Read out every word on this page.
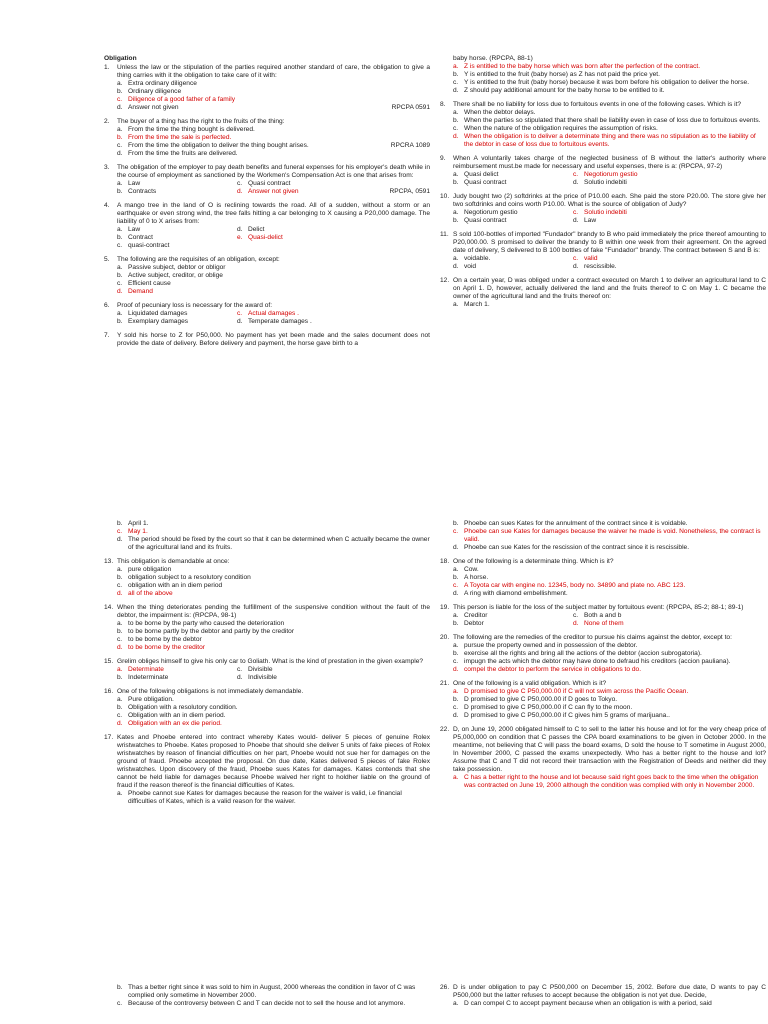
Obligation
1.	Unless the law or the stipulation of the parties required another standard of care, the obligation to give a thing carries with it the obligation to take care of it with:
a. Extra ordinary diligence
b. Ordinary diligence
c. Diligence of a good father of a family
d. Answer not given	RPCPA 0591
2.	The buyer of a thing has the right to the fruits of the thing:
a. From the time the thing bought is delivered.
b. From the time the sale is perfected.
c. From the time the obligation to deliver the thing bought arises.	RPCRA 1089
d. From the time the fruits are delivered.
3.	The obligation of the employer to pay death benefits and funeral expenses for his employer's death while in the course of employment as sanctioned by the Workmen's Compensation Act is one that arises from:
a. Law	c. Quasi contract
b. Contracts	d. Answer not given	RPCPA, 0591
4.	A mango tree in the land of O is reclining towards the road. All of a sudden, without a storm or an earthquake or even strong wind, the tree falls hitting a car belonging to X causing a P20,000 damage. The liability of 0 to X arises from:
a. Law	d. Delict
b. Contract	e. Quasi-delict
c. quasi-contract
5.	The following are the requisites of an obligation, except:
a. Passive subject, debtor or obligor
b. Active subject, creditor, or oblige
c. Efficient cause
d. Demand
6.	Proof of pecuniary loss is necessary for the award of:
a. Liquidated damages	c. Actual damages .
b. Exemplary damages	d. Temperate damages .
7.	Y sold his horse to Z for P50,000. No payment has yet been made and the sales document does not provide the date of delivery. Before delivery and payment, the horse gave birth to a
baby horse. (RPCPA, 88-1)
a. Z is entitled to the baby horse which was born after the perfection of the contract.
b. Y is entitled to the fruit (baby horse) as Z has not paid the price yet.
c. Y is entitled to the fruit (baby horse) because it was born before his obligation to deliver the horse.
d. Z should pay additional amount for the baby horse to be entitled to it.
8.	There shall be no liability for loss due to fortuitous events in one of the following cases. Which is it?
a. When the debtor delays.
b. When the parties so stipulated that there shall be liability even in case of loss due to fortuitous events.
c. When the nature of the obligation requires the assumption of risks.
d. When the obligation is to deliver a determinate thing and there was no stipulation as to the liability of the debtor in case of loss due to fortuitous events.
9.	When A voluntarily takes charge of the neglected business of B without the latter's authority where reimbursement must.be made for necessary and useful expenses, there is a: (RPCPA, 97-2)
a. Quasi delict	c. Negotiorum gestio
b. Quasi contract	d. Solutio indebiti
10. Judy bought two (2) softdrinks at the price of P10.00 each. She paid the store P20.00. The store give her two softdrinks and coins worth P10.00. What is the source of obligation of Judy?
a. Negotiorum gestio	c. Solutio indebiti
b. Quasi contract	d. Law
11. S sold 100-bottles of imported "Fundador" brandy to B who paid immediately the price thereof amounting to P20,000.00. S promised to deliver the brandy to B within one week from their agreement. On the agreed date of delivery, S delivered to B 100 bottles of fake "Fundador" brandy. The contract between S and B is:
a. voidable.	c. valid
d. void	d. rescissible.
12. On a certain year, D was obliged under a contract executed on March 1 to deliver an agricultural land to C on April 1. D, however, actually delivered the land and the fruits thereof to C on May 1. C became the owner of the agricultural land and the fruits thereof on:
a. March 1.
b. April 1.
c. May 1.
d. The period should be fixed by the court so that it can be determined when C actually became the owner of the agricultural land and its fruits.
13. This obligation is demandable at once:
a. pure obligation
b. obligation subject to a resolutory condition
c. obligation with an in diem period
d. all of the above
14. When the thing deteriorates pending the fulfillment of the suspensive condition without the fault of the debtor, the impairment is: (RPCPA, 98-1)
a. to be borne by the party who caused the deterioration
b. to be borne partly by the debtor and partly by the creditor
c. to be borne by the debtor
d. to be borne by the creditor
15. Grelim obliges himself to give his only car to Goliath. What is the kind of prestation in the given example?
a. Determinate	c. Divisible
b. Indeterminate	d. Indivisible
16. One of the following obligations is not immediately demandable.
a. Pure obligation.
b. Obligation with a resolutory condition.
c. Obligation with an in diem period.
d. Obligation with an ex die period.
17. Kates and Phoebe entered into contract whereby Kates would- deliver 5 pieces of genuine Rolex wristwatches to Phoebe. Kates proposed to Phoebe that should she deliver 5 units of fake pieces of Rolex wristwatches by reason of financial difficulties on her part, Phoebe would not sue her for damages on the ground of fraud. Phoebe accepted the proposal. On due date, Kates delivered 5 pieces of fake Rolex wristwatches. Upon discovery of the fraud, Phoebe sues Kates for damages. Kates contends that she cannot be held liable for damages because Phoebe waived her right to holdher liable on the ground of fraud if the reason thereof is the financial difficulties of Kates.
a. Phoebe cannot sue Kates for damages because the reason for the waiver is valid, i.e financial difficulties of Kates, which is a valid reason for the waiver.
b. Phoebe can sues Kates for the annulment of the contract since it is voidable.
c. Phoebe can sue Kates for damages because the waiver he made is void. Nonetheless, the contract is valid.
d. Phoebe can sue Kates for the rescission of the contract since it is rescissible.
18. One of the following is a determinate thing. Which is it?
a. Cow.
b. A horse.
c. A Toyota car with engine no. 12345, body no. 34890 and plate no. ABC 123.
d. A ring with diamond embellishment.
19. This person is liable for the loss of the subject matter by fortuitous event: (RPCPA, 85-2; 88-1; 89-1)
a. Creditor	c. Both a and b
b. Debtor	d. None of them
20. The following are the remedies of the creditor to pursue his claims against the debtor, except to:
a. pursue the property owned and in possession of the debtor.
b. exercise all the rights and bring all the actions of the debtor (accion subrogatoria).
c. impugn the acts which the debtor may have done to defraud his creditors (accion pauliana).
d. compel the debtor to perform the service in obligations to do.
21. One of the following is a valid obligation. Which is it?
a. D promised to give C P50,000.00 if C will not swim across the Pacific Ocean.
b. D promised to give C P50,000.00 if D goes to Tokyo.
c. D promised to give C P50,000.00 if C can fly to the moon.
d. D promised to give C P50,000.00 if C gives him 5 grams of marijuana..
22. D, on June 19, 2000 obligated himself to C to sell to the latter his house and lot for the very cheap price of P5,000,000 on condition that C passes the CPA board examinations to be given in October 2000. In the meantime, not believing that C will pass the board exams, D sold the house to T sometime in August 2000, In November 2000, C passed the exams unexpectedly. Who has a better right to the house and lot? Assume that C and T did not record their transaction with the Registration of Deeds and neither did they take possession.
a. C has a better right to the house and lot because said right goes back to the time when the obligation was contracted on June 19, 2000 although the condition was complied with only in November 2000.
b. Thas a better right since it was sold to him in August, 2000 whereas the condition in favor of C was complied only sometime in November 2000.
c. Because of the controversy between C and T can decide not to sell the house and lot anymore.
26. D is under obligation to pay C P500,000 on December 15, 2002. Before due date, D wants to pay C P500,000 but the latter refuses to accept because the obligation is not yet due. Decide,
a. D can compel C to accept payment because when an obligation is with a period, said
